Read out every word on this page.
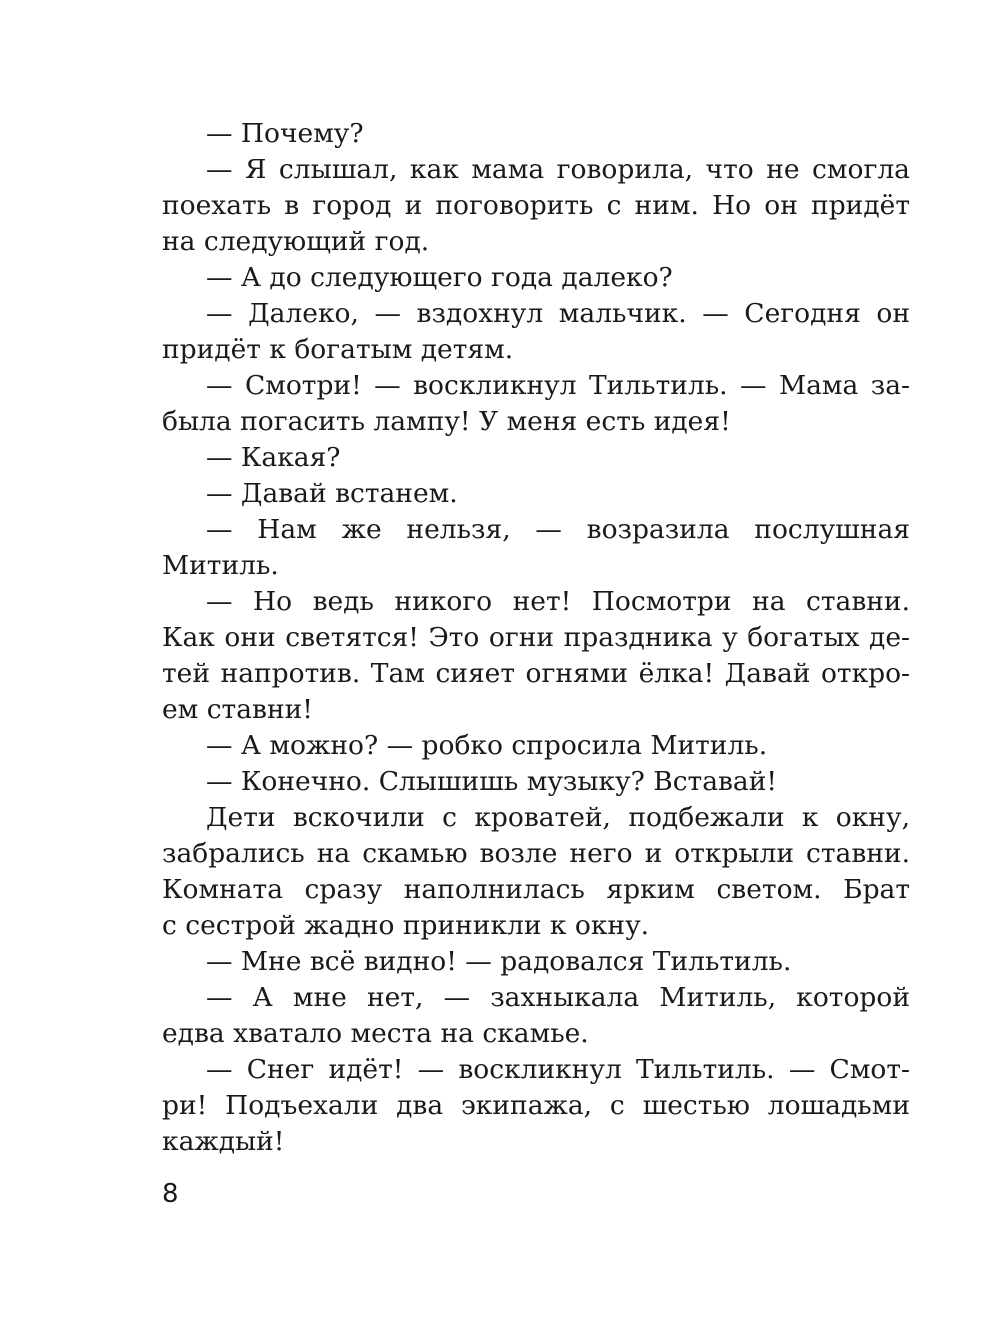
— Почему?
— Я слышал, как мама говорила, что не смогла
поехать в город и поговорить с ним. Но он придёт
на следующий год.
— А до следующего года далеко?
— Далеко, — вздохнул мальчик. — Сегодня он
придёт к богатым детям.
— Смотри! — воскликнул Тильтиль. — Мама за-
была погасить лампу! У меня есть идея!
— Какая?
— Давай встанем.
— Нам же нельзя, — возразила послушная
Митиль.
— Но ведь никого нет! Посмотри на ставни.
Как они светятся! Это огни праздника у богатых де-
тей напротив. Там сияет огнями ёлка! Давай откро-
ем ставни!
— А можно? — робко спросила Митиль.
— Конечно. Слышишь музыку? Вставай!
Дети вскочили с кроватей, подбежали к окну,
забрались на скамью возле него и открыли ставни.
Комната сразу наполнилась ярким светом. Брат
с сестрой жадно приникли к окну.
— Мне всё видно! — радовался Тильтиль.
— А мне нет, — захныкала Митиль, которой
едва хватало места на скамье.
— Снег идёт! — воскликнул Тильтиль. — Смот-
ри! Подъехали два экипажа, с шестью лошадьми
каждый!
8
